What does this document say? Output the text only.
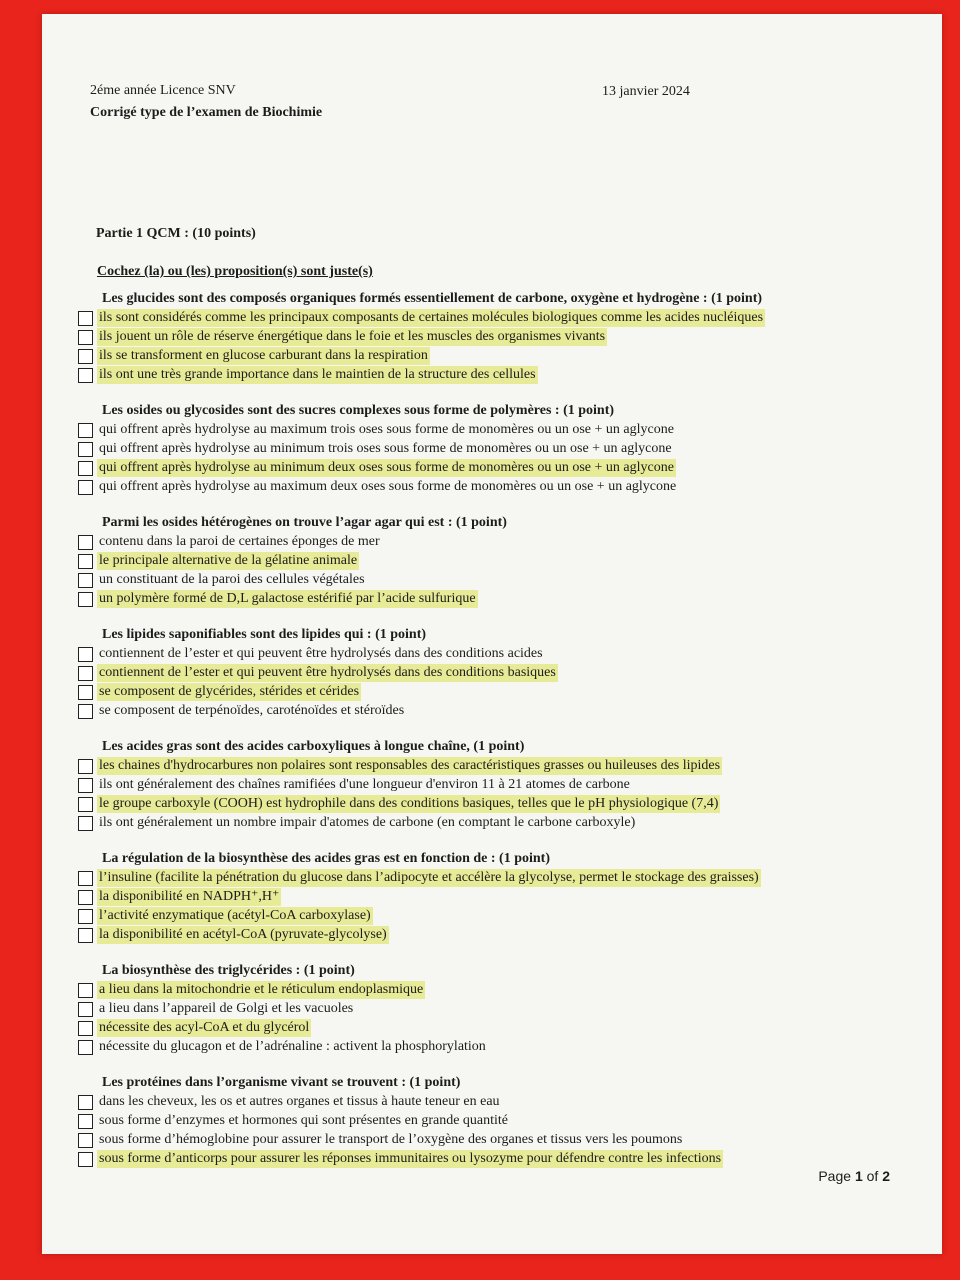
2éme année Licence SNV
Corrigé type de l’examen de Biochimie
13 janvier 2024
Partie 1 QCM : (10 points)
Cochez (la) ou (les) proposition(s) sont juste(s)
Les glucides sont des composés organiques formés essentiellement de carbone, oxygène et hydrogène : (1 point)
ils sont considérés comme les principaux composants de certaines molécules biologiques comme les acides nucléiques
ils jouent un rôle de réserve énergétique dans le foie et les muscles des organismes vivants
ils se transforment en glucose carburant dans la respiration
ils ont une très grande importance dans le maintien de la structure des cellules
Les osides ou glycosides sont des sucres complexes sous forme de polymères : (1 point)
qui offrent après hydrolyse au maximum trois oses sous forme de monomères ou un ose + un aglycone
qui offrent après hydrolyse au minimum trois oses sous forme de monomères ou un ose + un aglycone
qui offrent après hydrolyse au minimum deux oses sous forme de monomères ou un ose + un aglycone
qui offrent après hydrolyse au maximum deux oses sous forme de monomères ou un ose + un aglycone
Parmi les osides hétérogènes on trouve l’agar agar qui est : (1 point)
contenu dans la paroi de certaines éponges de mer
le principale alternative de la gélatine animale
un constituant de la paroi des cellules végétales
un polymère formé de D,L galactose estérifié par l’acide sulfurique
Les lipides saponifiables sont des lipides qui : (1 point)
contiennent de l’ester et qui peuvent être hydrolysés dans des conditions acides
contiennent de l’ester et qui peuvent être hydrolysés dans des conditions basiques
se composent de glycérides, stérides et cérides
se composent de terpénoïdes, caroténoïdes et stéroïdes
Les acides gras sont des acides carboxyliques à longue chaîne, (1 point)
les chaines d'hydrocarbures non polaires sont responsables des caractéristiques grasses ou huileuses des lipides
ils ont généralement des chaînes ramifiées d'une longueur d'environ 11 à 21 atomes de carbone
le groupe carboxyle (COOH) est hydrophile dans des conditions basiques, telles que le pH physiologique (7,4)
ils ont généralement un nombre impair d'atomes de carbone (en comptant le carbone carboxyle)
La régulation de la biosynthèse des acides gras est en fonction de : (1 point)
l’insuline (facilite la pénétration du glucose dans l’adipocyte et accélère la glycolyse, permet le stockage des graisses)
la disponibilité en NADPH⁺,H⁺
l’activité enzymatique (acétyl-CoA carboxylase)
la disponibilité en acétyl-CoA (pyruvate-glycolyse)
La biosynthèse des triglycérides : (1 point)
a lieu dans la mitochondrie et le réticulum endoplasmique
a lieu dans l’appareil de Golgi et les vacuoles
nécessite des acyl-CoA et du glycérol
nécessite du glucagon et de l’adrénaline : activent la phosphorylation
Les protéines dans l’organisme vivant se trouvent : (1 point)
dans les cheveux, les os et autres organes et tissus à haute teneur en eau
sous forme d’enzymes et hormones qui sont présentes en grande quantité
sous forme d’hémoglobine pour assurer le transport de l’oxygène des organes et tissus vers les poumons
sous forme d’anticorps pour assurer les réponses immunitaires ou lysozyme pour défendre contre les infections
Page 1 of 2
